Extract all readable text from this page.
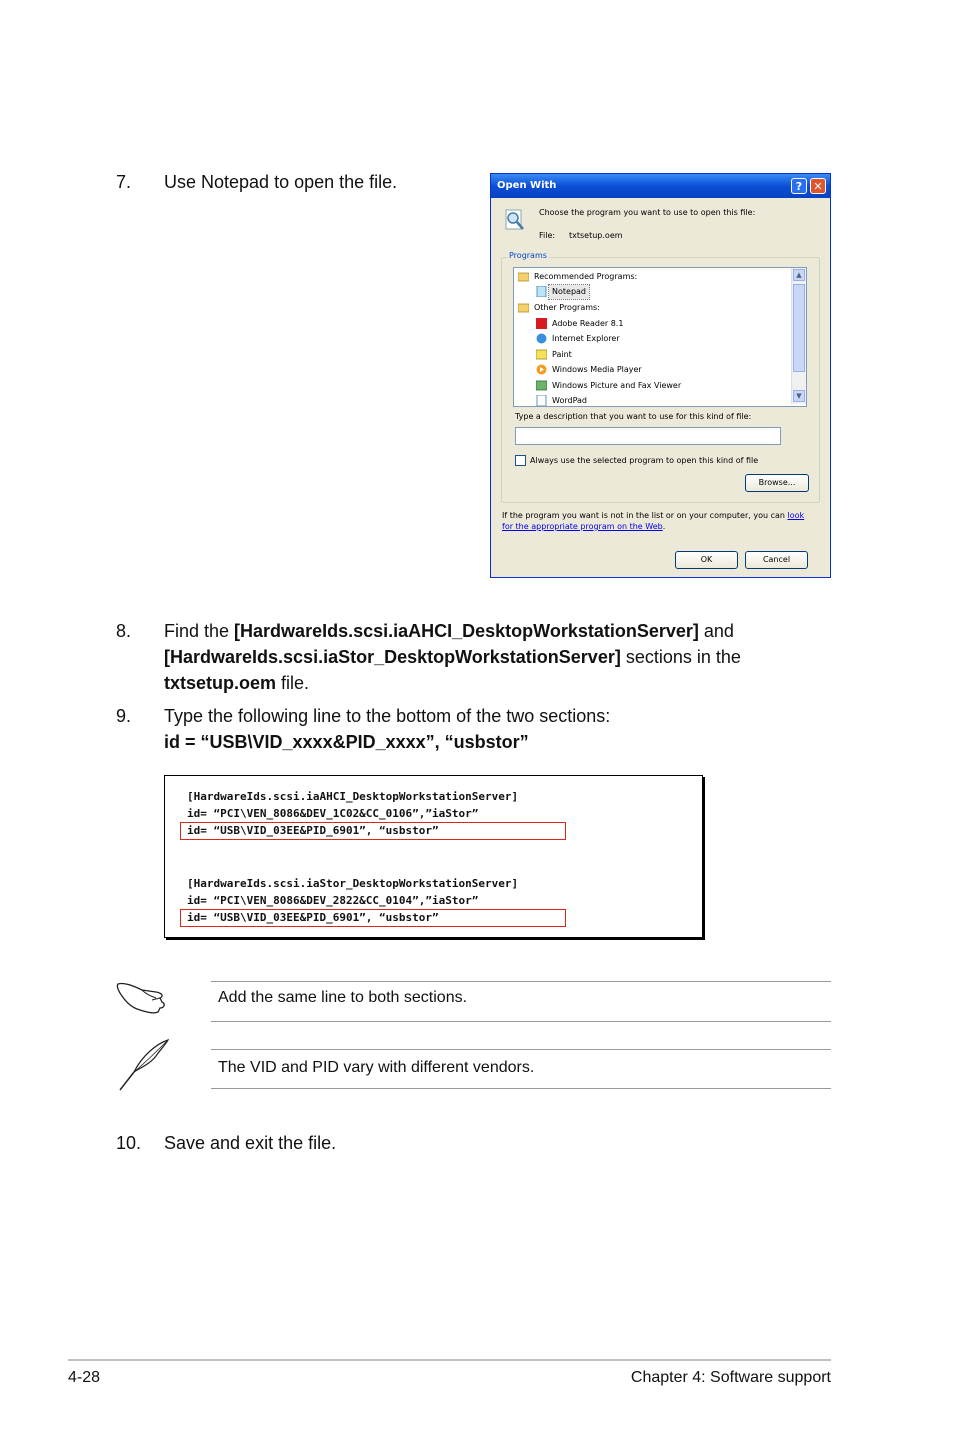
7. Use Notepad to open the file.	Open With	?	✕
Choose the program you want to use to open this file:
File: txtsetup.oem
Programs
Recommended Programs:
Notepad
Other Programs:
Adobe Reader 8.1
Internet Explorer
Paint
Windows Media Player
Windows Picture and Fax Viewer
WordPad
▲
▼
Type a description that you want to use for this kind of file:
Always use the selected program to open this kind of file
Browse...
If the program you want is not in the list or on your computer, you can look
for the appropriate program on the Web.
OK	Cancel
8. Find the [HardwareIds.scsi.iaAHCI_DesktopWorkstationServer] and
[HardwareIds.scsi.iaStor_DesktopWorkstationServer] sections in the
txtsetup.oem file.
9. Type the following line to the bottom of the two sections:
id = “USB\VID_xxxx&PID_xxxx”, “usbstor”
[HardwareIds.scsi.iaAHCI_DesktopWorkstationServer]
id= “PCI\VEN_8086&DEV_1C02&CC_0106”,”iaStor”
id= “USB\VID_03EE&PID_6901”, “usbstor”
[HardwareIds.scsi.iaStor_DesktopWorkstationServer]
id= “PCI\VEN_8086&DEV_2822&CC_0104”,”iaStor”
id= “USB\VID_03EE&PID_6901”, “usbstor”
Add the same line to both sections.
The VID and PID vary with different vendors.
10. Save and exit the file.
4-28	Chapter 4: Software support
